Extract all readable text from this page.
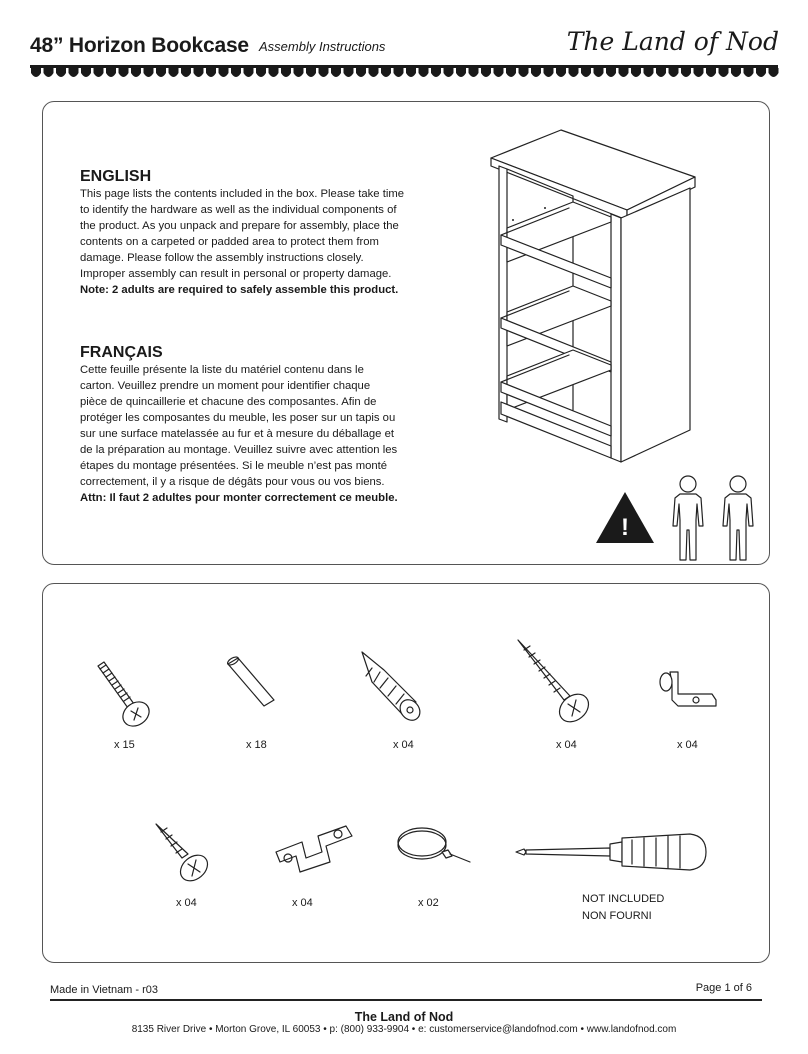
48” Horizon Bookcase Assembly Instructions	The Land of Nod
ENGLISH
This page lists the contents included in the box. Please take time
to identify the hardware as well as the individual components of
the product. As you unpack and prepare for assembly, place the
contents on a carpeted or padded area to protect them from
damage. Please follow the assembly instructions closely.
Improper assembly can result in personal or property damage.
Note: 2 adults are required to safely assemble this product.
FRANÇAIS
Cette feuille présente la liste du matériel contenu dans le
carton. Veuillez prendre un moment pour identifier chaque
pièce de quincaillerie et chacune des composantes. Afin de
protéger les composantes du meuble, les poser sur un tapis ou
sur une surface matelassée au fur et à mesure du déballage et
de la préparation au montage. Veuillez suivre avec attention les
étapes du montage présentées. Si le meuble n’est pas monté
correctement, il y a risque de dégâts pour vous ou vos biens.
Attn: Il faut 2 adultes pour monter correctement ce meuble.
!
x 15	x 18	x 04	x 04	x 04
x 04	x 04	x 02	NOT INCLUDED
NON FOURNI
Made in Vietnam - r03	Page 1 of 6
The Land of Nod
8135 River Drive • Morton Grove, IL 60053 • p: (800) 933-9904 • e: customerservice@landofnod.com • www.landofnod.com
